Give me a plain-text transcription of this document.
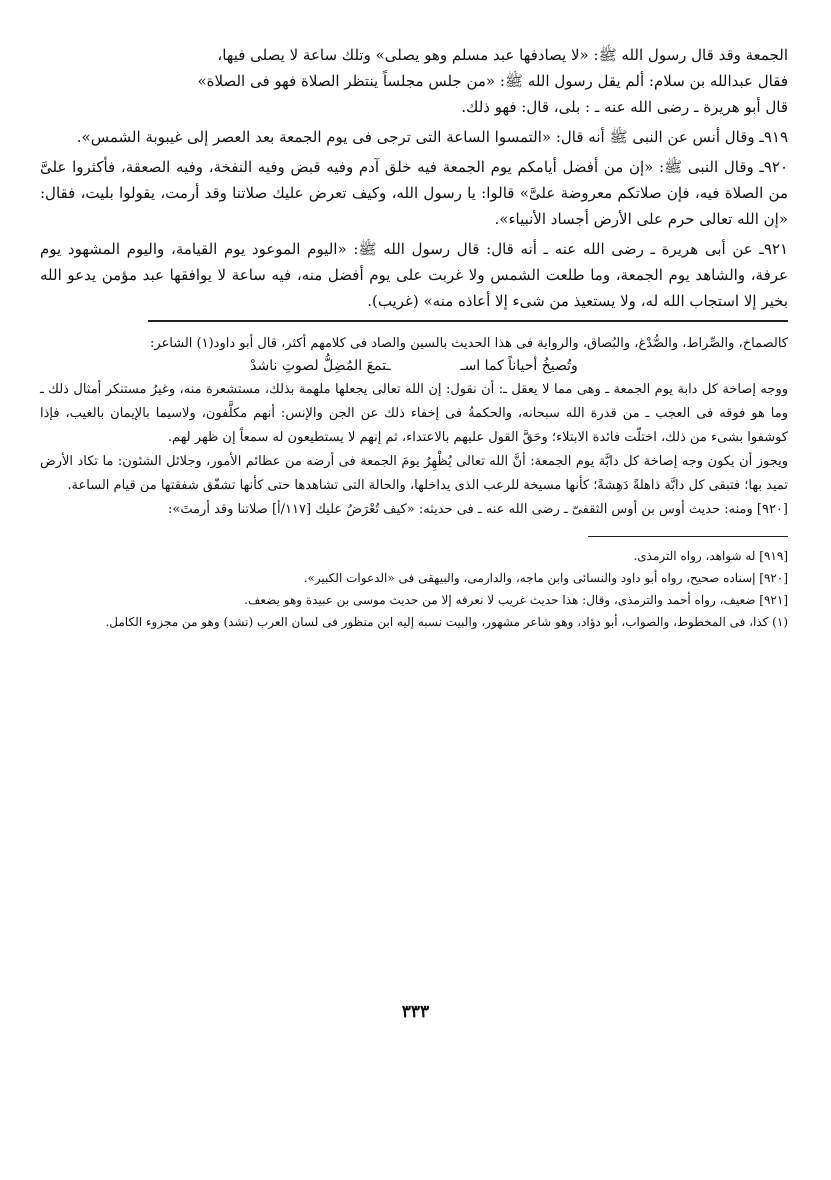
الجمعة وقد قال رسول الله ﷺ: «لا يصادفها عبد مسلم وهو يصلى» وتلك ساعة لا يصلى فيها،

فقال عبدالله بن سلام: ألم يقل رسول الله ﷺ: «من جلس مجلساً ينتظر الصلاة فهو فى الصلاة»

قال أبو هريرة ـ رضى الله عنه ـ : بلى، قال: فهو ذلك.

٩١٩ـ وقال أنس عن النبى ﷺ أنه قال: «التمسوا الساعة التى ترجى فى يوم الجمعة بعد العصر إلى غيبوبة الشمس».

٩٢٠ـ وقال النبى ﷺ: «إن من أفضل أيامكم يوم الجمعة فيه خلق آدم وفيه قبض وفيه النفخة، وفيه الصعقة، فأكثروا علىَّ من الصلاة فيه، فإن صلاتكم معروضة علىَّ» قالوا: يا رسول الله، وكيف تعرض عليك صلاتنا وقد أرمت، يقولوا بليت، فقال: «إن الله تعالى حرم على الأرض أجساد الأنبياء».

٩٢١ـ عن أبى هريرة ـ رضى الله عنه ـ أنه قال: قال رسول الله ﷺ: «اليوم الموعود يوم القيامة، واليوم المشهود يوم عرفة، والشاهد يوم الجمعة، وما طلعت الشمس ولا غربت على يوم أفضل منه، فيه ساعة لا يوافقها عبد مؤمن يدعو الله بخير إلا استجاب الله له، ولا يستعيذ من شىء إلا أعاذه منه» (غريب).

كالصماخ، والصِّراط، والصُّدْغ، والبُصاق، والرواية فى هذا الحديث بالسين والصاد فى كلامهم أكثر، قال أبو داود(١) الشاعر:

وتُصيخُ أحياناً كما اسـ
ـتمعَ المُضِلُّ لصوتِ ناشدْ

ووجه إصاخة كل دابة يوم الجمعة ـ وهى مما لا يعقل ـ: أن نقول: إن الله تعالى يجعلها ملهمة بذلك، مستشعرة منه، وغيرُ مستنكر أمثال ذلك ـ وما هو فوقه فى العجب ـ من قدرة الله سبحانه، والحكمةُ فى إخفاء ذلك عن الجن والإنس: أنهم مكلَّفون، ولاسيما بالإيمان بالغيب، فإذا كوشفوا بشىء من ذلك، اختلّت فائدة الابتلاء؛ وحَقَّ القول عليهم بالاعتداء، ثم إنهم لا يستطيعون له سمعاً إن ظهر لهم.

ويجوز أن يكون وجه إصاخة كل دابَّة يوم الجمعة: أنَّ الله تعالى يُظْهِرُ يومَ الجمعة فى أرضه من عظائم الأمور، وجلائل الشئون: ما تكاد الأرض تميد بها؛ فتبقى كل دابَّة ذاهلةً دَهِشةً؛ كأنها مسيخة للرعب الذى يداخلها، والحالة التى تشاهدها حتى كأنها تشفّق شفقتها من قيام الساعة.

[٩٢٠] ومنه: حديث أوس بن أوس الثقفىّ ـ رضى الله عنه ـ فى حديثه: «كيف تُعْرَضُ عليك [١١٧/أ] صلاتنا وقد أرمتَ»:

[٩١٩] له شواهد، رواه الترمذى.

[٩٢٠] إسناده صحيح، رواه أبو داود والنسائى وابن ماجه، والدارمى، والبيهقى فى «الدعوات الكبير».

[٩٢١] ضعيف، رواه أحمد والترمذى، وقال: هذا حديث غريب لا نعرفه إلا من حديث موسى بن عبيدة وهو يضعف.

(١) كذا، فى المخطوط، والصواب، أبو دؤاد، وهو شاعر مشهور، والبيت نسبه إليه ابن منظور فى لسان العرب (نشد) وهو من مجزوء الكامل.

٣٣٣
